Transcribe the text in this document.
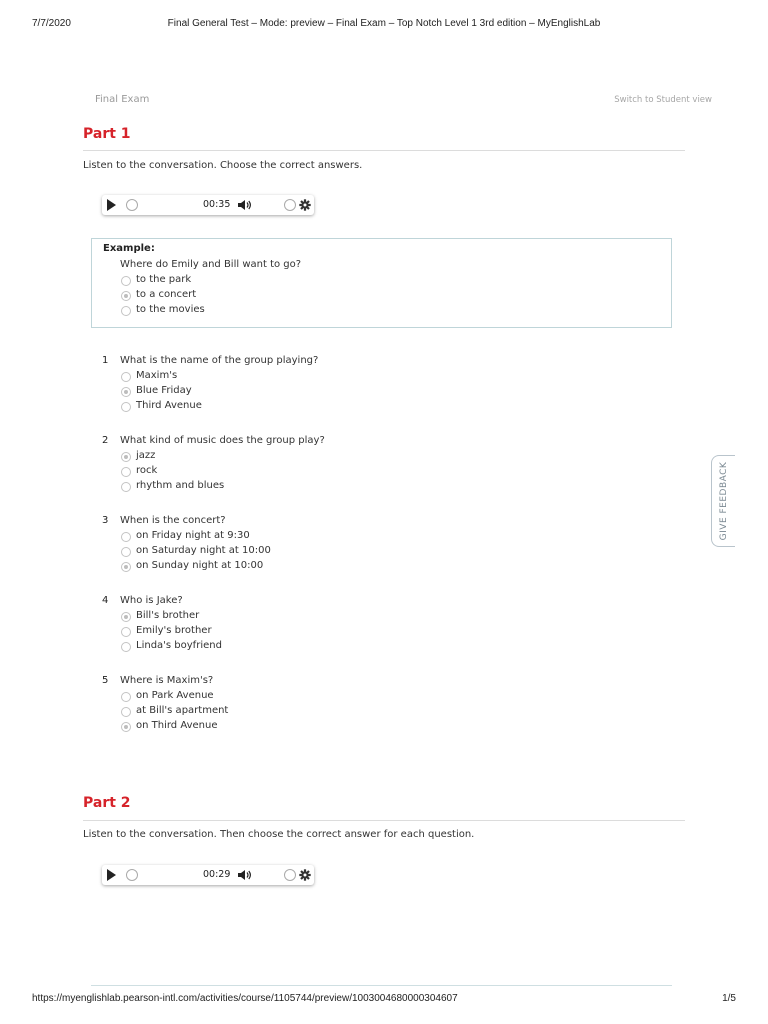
7/7/2020	Final General Test – Mode: preview – Final Exam – Top Notch Level 1 3rd edition – MyEnglishLab
Final Exam	Switch to Student view
Part 1
Listen to the conversation. Choose the correct answers.
00:35
Example:
Where do Emily and Bill want to go?
to the park
to a concert
to the movies
1 What is the name of the group playing?
Maxim's
Blue Friday
Third Avenue
2 What kind of music does the group play?
jazz
rock
rhythm and blues
3 When is the concert?
on Friday night at 9:30
on Saturday night at 10:00
on Sunday night at 10:00
4 Who is Jake?
Bill's brother
Emily's brother
Linda's boyfriend
5 Where is Maxim's?
on Park Avenue
at Bill's apartment
on Third Avenue
Part 2
Listen to the conversation. Then choose the correct answer for each question.
00:29
GIVE FEEDBACK
https://myenglishlab.pearson-intl.com/activities/course/1105744/preview/1003004680000304607	1/5
